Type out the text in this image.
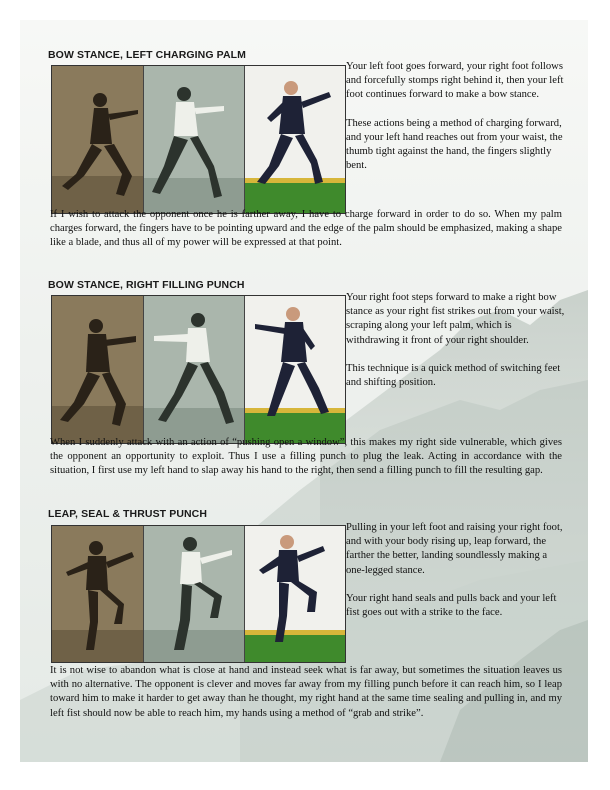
BOW STANCE, LEFT CHARGING PALM

Your left foot goes forward, your right foot follows and forcefully stomps right behind it, then your left foot continues forward to make a bow stance.

These actions being a method of charging forward, and your left hand reaches out from your waist, the thumb tight against the hand, the fingers slightly bent.

If I wish to attack the opponent once he is farther away, I have to charge forward in order to do so. When my palm charges forward, the fingers have to be pointing upward and the edge of the palm should be emphasized, making a shape like a blade, and thus all of my power will be expressed at that point.
BOW STANCE, RIGHT FILLING PUNCH

Your right foot steps forward to make a right bow stance as your right fist strikes out from your waist, scraping along your left palm, which is withdrawing it front of your right shoulder.

This technique is a quick method of switching feet and shifting position.

When I suddenly attack with an action of “pushing open a window”, this makes my right side vulnerable, which gives the opponent an opportunity to exploit. Thus I use a filling punch to plug the leak. Acting in accordance with the situation, I first use my left hand to slap away his hand to the right, then send a filling punch to fill the resulting gap.
LEAP, SEAL & THRUST PUNCH

Pulling in your left foot and raising your right foot, and with your body rising up, leap forward, the farther the better, landing soundlessly making a one-legged stance.

Your right hand seals and pulls back and your left fist goes out with a strike to the face.

It is not wise to abandon what is close at hand and instead seek what is far away, but sometimes the situation leaves us with no alternative. The opponent is clever and moves far away from my filling punch before it can reach him, so I leap toward him to make it harder to get away than he thought, my right hand at the same time sealing and pulling in, and my left fist should now be able to reach him, my hands using a method of “grab and strike”.
